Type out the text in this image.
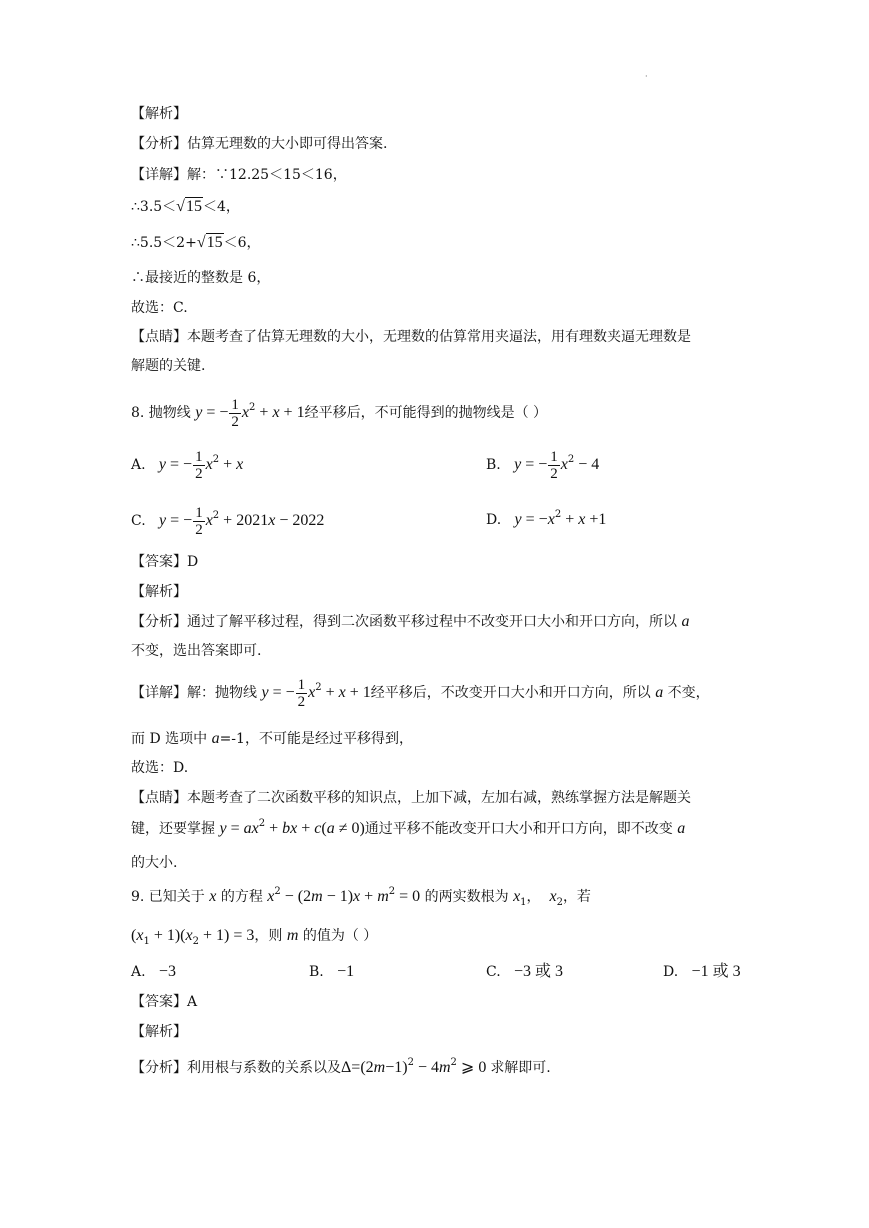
·
【解析】
【分析】估算无理数的大小即可得出答案.
【详解】解：∵12.25＜15＜16，
∴3.5＜√15＜4，
∴5.5＜2+√15＜6，
∴最接近的整数是 6，
故选：C.
【点睛】本题考查了估算无理数的大小，无理数的估算常用夹逼法，用有理数夹逼无理数是
解题的关键.
8. 抛物线 y = − $\frac{1}{2} x^2 + x + 1$经平移后，不可能得到的抛物线是（ ）
A. y = − $\frac{1}{2} x^2 + x$	B. y = − $\frac{1}{2} x^2 - 4$
C. y = − $\frac{1}{2} x^2 + 2021x - 2022$	D. $y = -x^2 + x +1$
【答案】D
【解析】
【分析】通过了解平移过程，得到二次函数平移过程中不改变开口大小和开口方向，所以 a
不变，选出答案即可.
【详解】解：抛物线 y = − $\frac{1}{2} x^2 + x + 1$经平移后，不改变开口大小和开口方向，所以 a 不变，
而 D 选项中 a=-1，不可能是经过平移得到，
故选：D.
【点睛】本题考查了二次函数平移的知识点，上加下减，左加右减，熟练掌握方法是解题关
键，还要掌握 $y = ax^2$ + bx + c(a ≠ 0)通过平移不能改变开口大小和开口方向，即不改变 a
的大小.
9. 已知关于 x 的方程 $x^2 - (2m - 1)x + m^2 = 0$ 的两实数根为 $x_1$， $x_2$，若
$(x_1 + 1)(x_2 + 1) = 3$，则 m 的值为（ ）
A. −3	B. −1	C. −3 或 3	D. −1 或 3
【答案】A
【解析】
【分析】利用根与系数的关系以及$\Delta=(2m-1)^2 - 4m^2$ ⩾ 0 求解即可.
